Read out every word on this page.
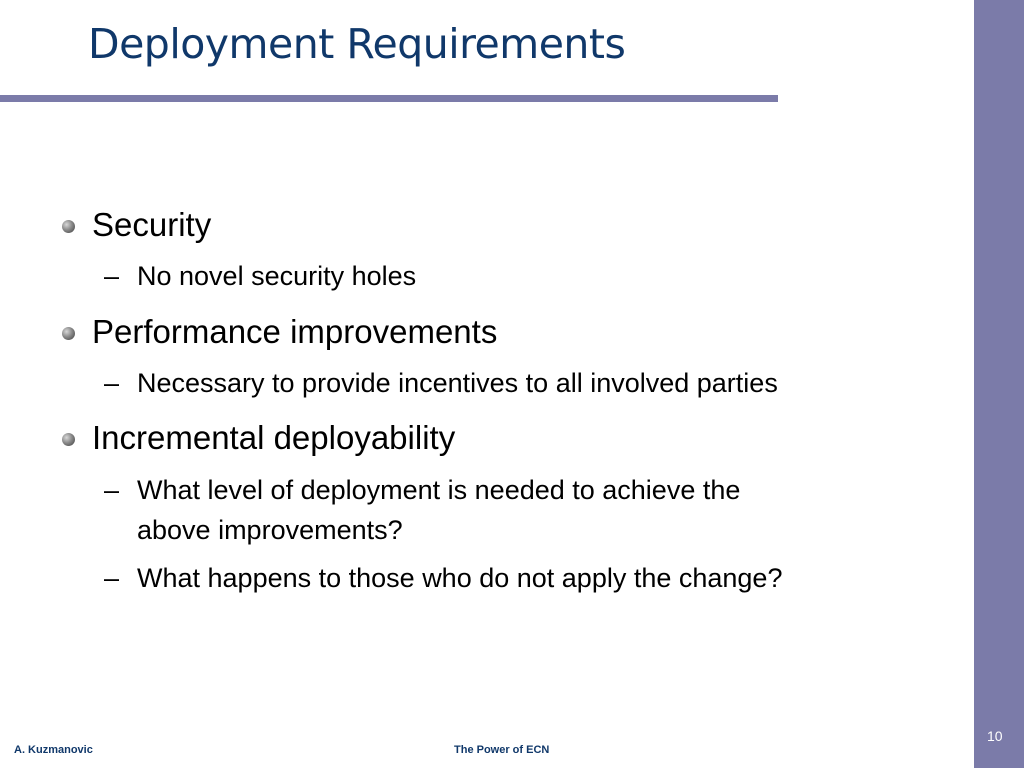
Deployment Requirements
Security
– No novel security holes
Performance improvements
– Necessary to provide incentives to all involved parties
Incremental deployability
– What level of deployment is needed to achieve the
above improvements?
– What happens to those who do not apply the change?
A. Kuzmanovic	The Power of ECN
10
